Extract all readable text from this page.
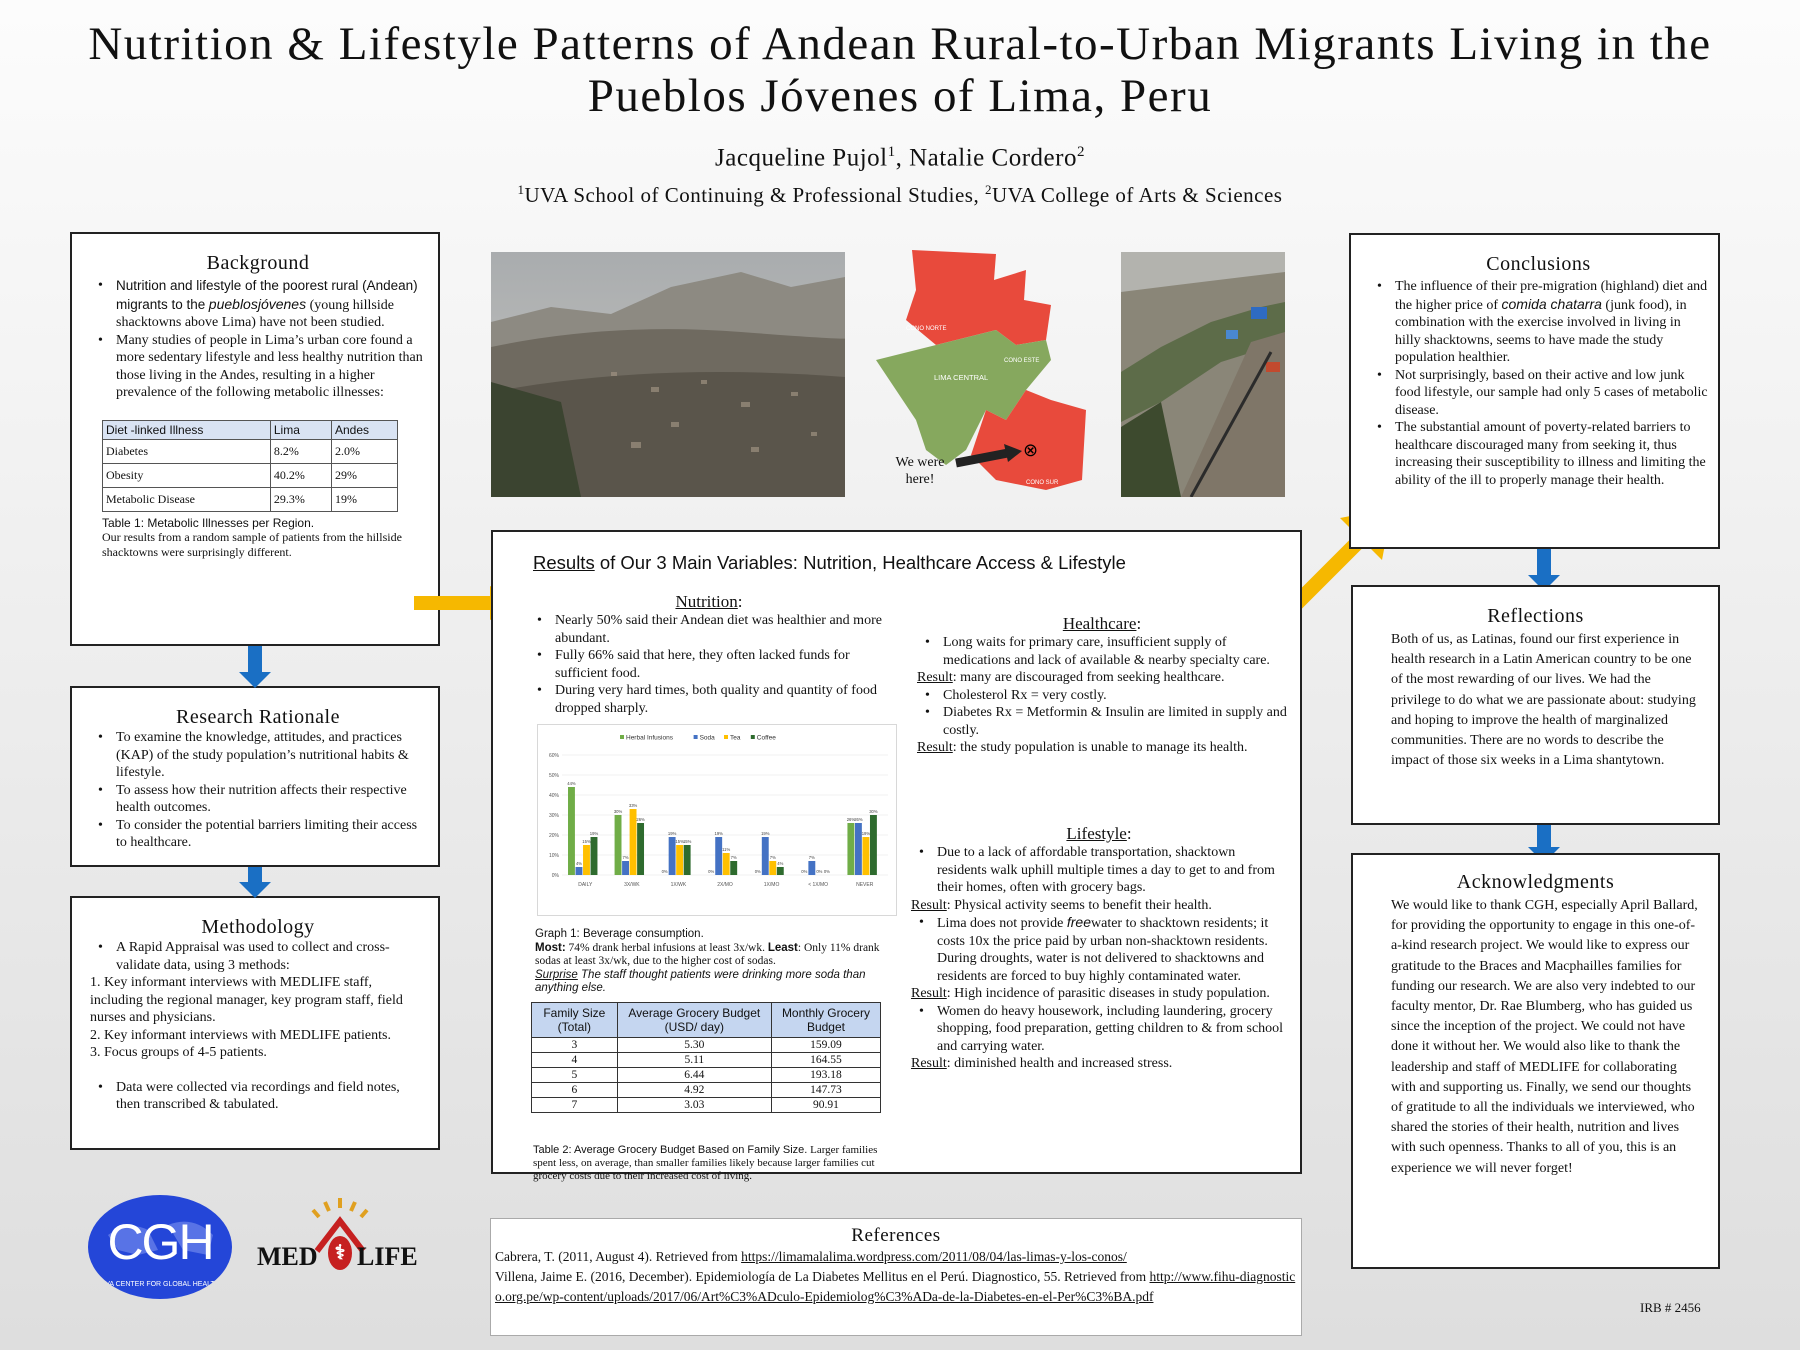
Nutrition & Lifestyle Patterns of Andean Rural-to-Urban Migrants Living in the Pueblos Jóvenes of Lima, Peru
Jacqueline Pujol$^1$, Natalie Cordero$^2$
$^1$UVA School of Continuing & Professional Studies, $^2$UVA College of Arts & Sciences
Background
• Nutrition and lifestyle of the poorest rural (Andean) migrants to the pueblosjóvenes (young hillside shacktowns above Lima) have not been studied.
• Many studies of people in Lima’s urban core found a more sedentary lifestyle and less healthy nutrition than those living in the Andes, resulting in a higher prevalence of the following metabolic illnesses:
Diet -linked Illness	Lima	Andes
Diabetes	8.2%	2.0%
Obesity	40.2%	29%
Metabolic Disease	29.3%	19%
Table 1: Metabolic Illnesses per Region.
Our results from a random sample of patients from the hillside shacktowns were surprisingly different.
Research Rationale
• To examine the knowledge, attitudes, and practices (KAP) of the study population’s nutritional habits & lifestyle.
• To assess how their nutrition affects their respective health outcomes.
• To consider the potential barriers limiting their access to healthcare.
Methodology
• A Rapid Appraisal was used to collect and cross-validate data, using 3 methods:
1. Key informant interviews with MEDLIFE staff, including the regional manager, key program staff, field nurses and physicians.
2. Key informant interviews with MEDLIFE patients.
3. Focus groups of 4-5 patients.
• Data were collected via recordings and field notes, then transcribed & tabulated.
CONO NORTE
CONO ESTE
LIMA CENTRAL
CONO SUR
⊗
We were here!
Results of Our 3 Main Variables: Nutrition, Healthcare Access & Lifestyle
Nutrition:
• Nearly 50% said their Andean diet was healthier and more abundant.
• Fully 66% said that here, they often lacked funds for sufficient food.
• During very hard times, both quality and quantity of food dropped sharply.
0%
10%
20%
30%
40%
50%
60%
Herbal Infusions	Soda Tea	Coffee
44%
4%
15%
19%
DAILY
30%
7%
33%
26%
3X/WK
0%
19%
15% 15%
1X/WK
0%
19%
11%
7%
2X/MO
0%
19%
7%
4%
1X/MO
0%
7%
0% 0%
< 1X/MO
26% 26%
19%
30%
NEVER
Graph 1: Beverage consumption.
Most: 74% drank herbal infusions at least 3x/wk. Least: Only 11% drank sodas at least 3x/wk, due to the higher cost of sodas.
Surprise The staff thought patients were drinking more soda than anything else.
Family Size (Total)	Average Grocery Budget (USD/ day)	Monthly Grocery Budget
3	5.30	159.09
4	5.11	164.55
5	6.44	193.18
6	4.92	147.73
7	3.03	90.91
Table 2: Average Grocery Budget Based on Family Size. Larger families spent less, on average, than smaller families likely because larger families cut grocery costs due to their increased cost of living.
Healthcare:
• Long waits for primary care, insufficient supply of medications and lack of available & nearby specialty care.
Result: many are discouraged from seeking healthcare.
• Cholesterol Rx = very costly.
• Diabetes Rx = Metformin & Insulin are limited in supply and costly.
Result: the study population is unable to manage its health.
Lifestyle:
• Due to a lack of affordable transportation, shacktown residents walk uphill multiple times a day to get to and from their homes, often with grocery bags.
Result: Physical activity seems to benefit their health.
• Lima does not provide freewater to shacktown residents; it costs 10x the price paid by urban non-shacktown residents. During droughts, water is not delivered to shacktowns and residents are forced to buy highly contaminated water.
Result: High incidence of parasitic diseases in study population.
• Women do heavy housework, including laundering, grocery shopping, food preparation, getting children to & from school and carrying water.
Result: diminished health and increased stress.
Conclusions
• The influence of their pre-migration (highland) diet and the higher price of comida chatarra (junk food), in combination with the exercise involved in living in hilly shacktowns, seems to have made the study population healthier.
• Not surprisingly, based on their active and low junk food lifestyle, our sample had only 5 cases of metabolic disease.
• The substantial amount of poverty-related barriers to healthcare discouraged many from seeking it, thus increasing their susceptibility to illness and limiting the ability of the ill to properly manage their health.
Reflections
Both of us, as Latinas, found our first experience in health research in a Latin American country to be one of the most rewarding of our lives. We had the privilege to do what we are passionate about: studying and hoping to improve the health of marginalized communities. There are no words to describe the impact of those six weeks in a Lima shantytown.
Acknowledgments
We would like to thank CGH, especially April Ballard, for providing the opportunity to engage in this one-of-a-kind research project. We would like to express our gratitude to the Braces and Macphailles families for funding our research. We are also very indebted to our faculty mentor, Dr. Rae Blumberg, who has guided us since the inception of the project. We could not have done it without her. We would also like to thank the leadership and staff of MEDLIFE for collaborating with and supporting us. Finally, we send our thoughts of gratitude to all the individuals we interviewed, who shared the stories of their health, nutrition and lives with such openness. Thanks to all of you, this is an experience we will never forget!
References
Cabrera, T. (2011, August 4). Retrieved from https://limamalalima.wordpress.com/2011/08/04/las-limas-y-los-conos/
Villena, Jaime E. (2016, December). Epidemiología de La Diabetes Mellitus en el Perú. Diagnostico, 55. Retrieved from http://www.fihu-diagnostico.org.pe/wp-content/uploads/2017/06/Art%C3%ADculo-Epidemiolog%C3%ADa-de-la-Diabetes-en-el-Per%C3%BA.pdf
CGH
UVA CENTER FOR GLOBAL HEALTH
MED ⚕ LIFE
IRB # 2456
